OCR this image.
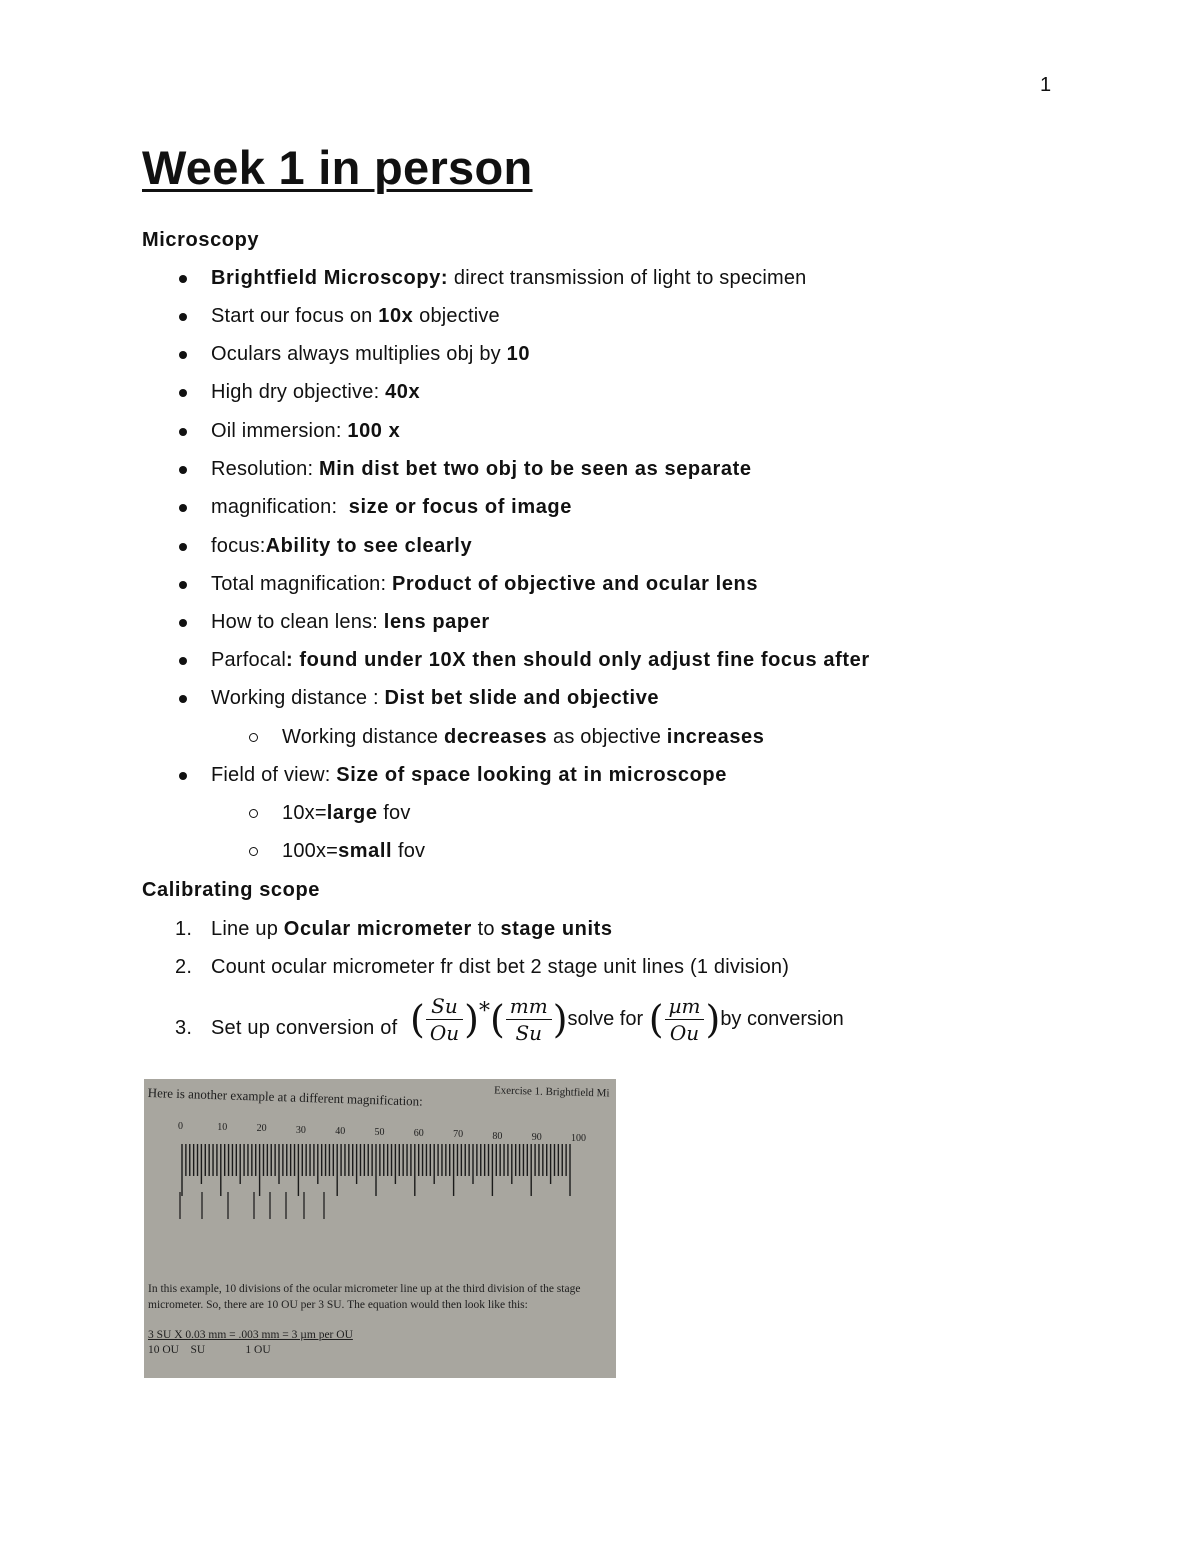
1
Week 1 in person
Microscopy
Brightfield Microscopy: direct transmission of light to specimen
Start our focus on 10x objective
Oculars always multiplies obj by 10
High dry objective: 40x
Oil immersion: 100 x
Resolution: Min dist bet two obj to be seen as separate
magnification:  size or focus of image
focus:Ability to see clearly
Total magnification: Product of objective and ocular lens
How to clean lens: lens paper
Parfocal: found under 10X then should only adjust fine focus after
Working distance : Dist bet slide and objective
Working distance decreases as objective increases
Field of view: Size of space looking at in microscope
10x=large fov
100x=small fov
Calibrating scope
1. Line up Ocular micrometer to stage units
2. Count ocular micrometer fr dist bet 2 stage unit lines (1 division)
3. Set up conversion of ( $\frac{Su}{Ou}$ )*( $\frac{mm}{Su}$ )solve for ( $\frac{\text{µm}}{Ou} )by$ conversion
Here is another example at a different magnification:	Exercise 1. Brightfield Mi
0	10	20	30	40	50	60	70	80	90	100
In this example, 10 divisions of the ocular micrometer line up at the third division of the stage
micrometer. So, there are 10 OU per 3 SU. The equation would then look like this:
3 SU X 0.03 mm = .003 mm = 3 µm per OU
10 OU    SU              1 OU
